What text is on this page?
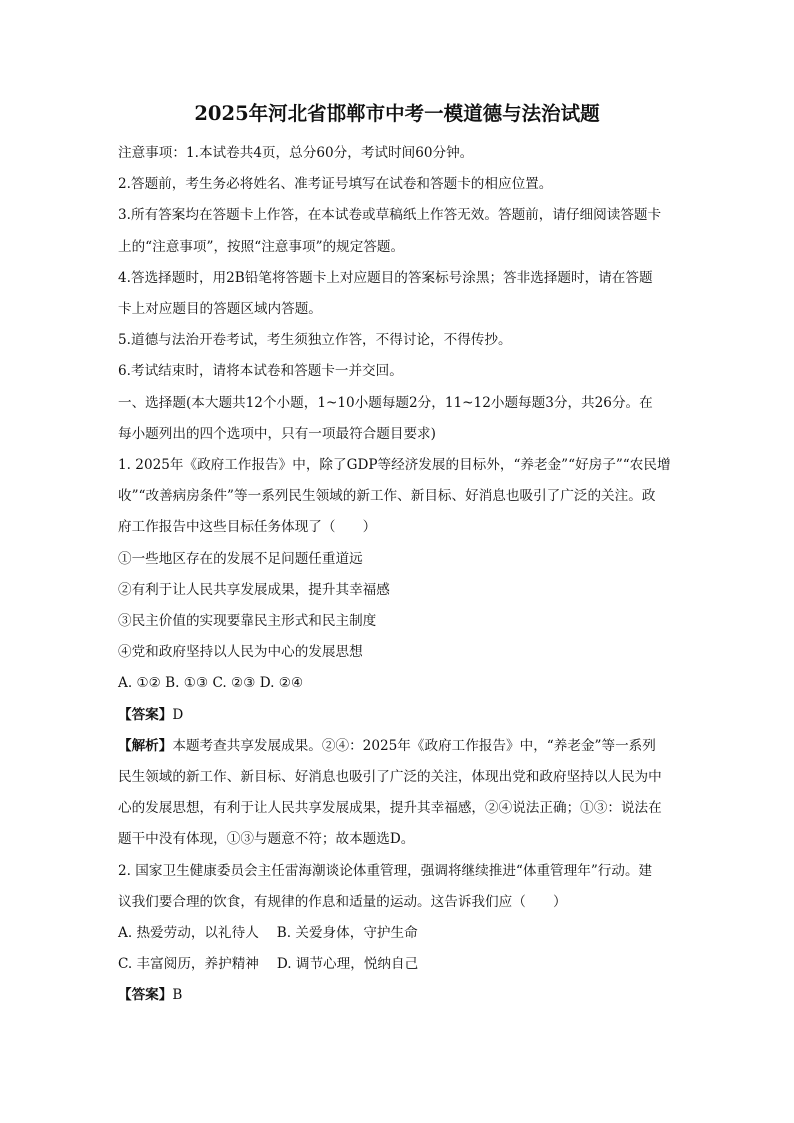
2025年河北省邯郸市中考一模道德与法治试题

注意事项：1.本试卷共4页，总分60分，考试时间60分钟。

2.答题前，考生务必将姓名、准考证号填写在试卷和答题卡的相应位置。

3.所有答案均在答题卡上作答，在本试卷或草稿纸上作答无效。答题前，请仔细阅读答题卡

上的“注意事项”，按照“注意事项”的规定答题。

4.答选择题时，用2B铅笔将答题卡上对应题目的答案标号涂黑；答非选择题时，请在答题

卡上对应题目的答题区域内答题。

5.道德与法治开卷考试，考生须独立作答，不得讨论，不得传抄。

6.考试结束时，请将本试卷和答题卡一并交回。

一、选择题(本大题共12个小题，1~10小题每题2分，11~12小题每题3分，共26分。在

每小题列出的四个选项中，只有一项最符合题目要求)

1. 2025年《政府工作报告》中，除了GDP等经济发展的目标外，“养老金”“好房子”“农民增

收”“改善病房条件”等一系列民生领域的新工作、新目标、好消息也吸引了广泛的关注。政

府工作报告中这些目标任务体现了（　　）

①一些地区存在的发展不足问题任重道远

②有利于让人民共享发展成果，提升其幸福感

③民主价值的实现要靠民主形式和民主制度

④党和政府坚持以人民为中心的发展思想

A. ①② B. ①③ C. ②③ D. ②④

【答案】D

【解析】本题考查共享发展成果。②④：2025年《政府工作报告》中，“养老金”等一系列

民生领域的新工作、新目标、好消息也吸引了广泛的关注，体现出党和政府坚持以人民为中

心的发展思想，有利于让人民共享发展成果，提升其幸福感，②④说法正确；①③：说法在

题干中没有体现，①③与题意不符；故本题选D。

2. 国家卫生健康委员会主任雷海潮谈论体重管理，强调将继续推进“体重管理年”行动。建

议我们要合理的饮食，有规律的作息和适量的运动。这告诉我们应（　　）

A. 热爱劳动，以礼待人　 B. 关爱身体，守护生命

C. 丰富阅历，养护精神　 D. 调节心理，悦纳自己

【答案】B
